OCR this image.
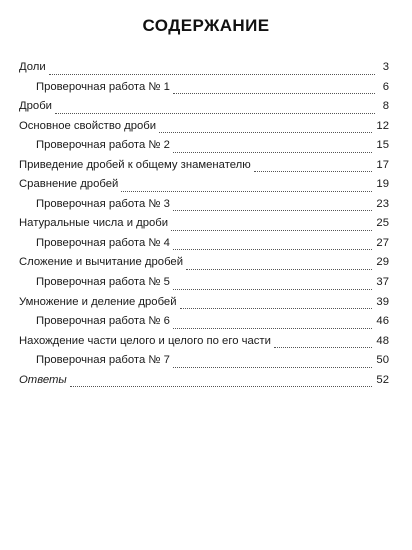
СОДЕРЖАНИЕ
Доли	3
Проверочная работа № 1	6
Дроби	8
Основное свойство дроби	12
Проверочная работа № 2	15
Приведение дробей к общему знаменателю	17
Сравнение дробей	19
Проверочная работа № 3	23
Натуральные числа и дроби	25
Проверочная работа № 4	27
Сложение и вычитание дробей	29
Проверочная работа № 5	37
Умножение и деление дробей	39
Проверочная работа № 6	46
Нахождение части целого и целого по его части	48
Проверочная работа № 7	50
Ответы	52
